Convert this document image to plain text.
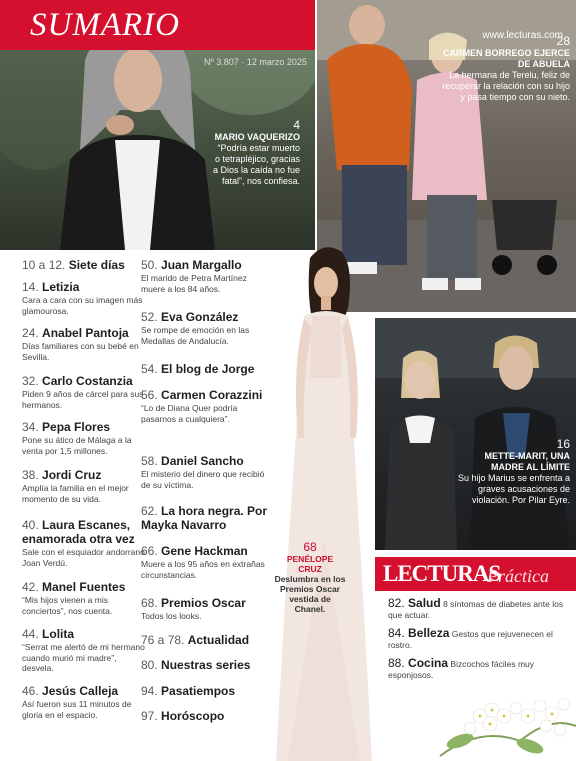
SUMARIO	www.lecturas.com
Nº 3.807 · 12 marzo 2025
4
MARIO VAQUERIZO
“Podría estar muerto o tetrapléjico, gracias a Dios la caída no fue fatal”, nos confiesa.
28
CARMEN BORREGO EJERCE DE ABUELA
La hermana de Terelu, feliz de recuperar la relación con su hijo y pasa tiempo con su nieto.
16
METTE-MARIT, UNA MADRE AL LÍMITE
Su hijo Marius se enfrenta a graves acusaciones de violación. Por Pilar Eyre.
10 a 12. Siete días
14. Letizia
Cara a cara con su imagen más glamourosa.
24. Anabel Pantoja
Días familiares con su bebé en Sevilla.
32. Carlo Costanzia
Piden 9 años de cárcel para sus hermanos.
34. Pepa Flores
Pone su ático de Málaga a la venta por 1,5 millones.
38. Jordi Cruz
Amplía la familia en el mejor momento de su vida.
40. Laura Escanes, enamorada otra vez
Sale con el esquiador andorrano Joan Verdú.
42. Manel Fuentes
“Mis hijos vienen a mis conciertos”, nos cuenta.
44. Lolita
“Serrat me alertó de mi hermano cuando murió mi madre”, desvela.
46. Jesús Calleja
Así fueron sus 11 minutos de gloria en el espacio.
50. Juan Margallo
El marido de Petra Martínez muere a los 84 años.
52. Eva González
Se rompe de emoción en las Medallas de Andalucía.
54. El blog de Jorge
56. Carmen Corazzini
“Lo de Diana Quer podría pasarnos a cualquiera”.
58. Daniel Sancho
El misterio del dinero que recibió de su víctima.
62. La hora negra. Por Mayka Navarro
66. Gene Hackman
Muere a los 95 años en extrañas circunstancias.
68. Premios Oscar
Todos los looks.
76 a 78. Actualidad
80. Nuestras series
94. Pasatiempos
97. Horóscopo
68
PENÉLOPE CRUZ
Deslumbra en los Premios Oscar vestida de Chanel.
LECTURAS
Práctica
82. Salud 8 síntomas de diabetes ante los que actuar.
84. Belleza Gestos que rejuvenecen el rostro.
88. Cocina Bizcochos fáciles muy esponjosos.
